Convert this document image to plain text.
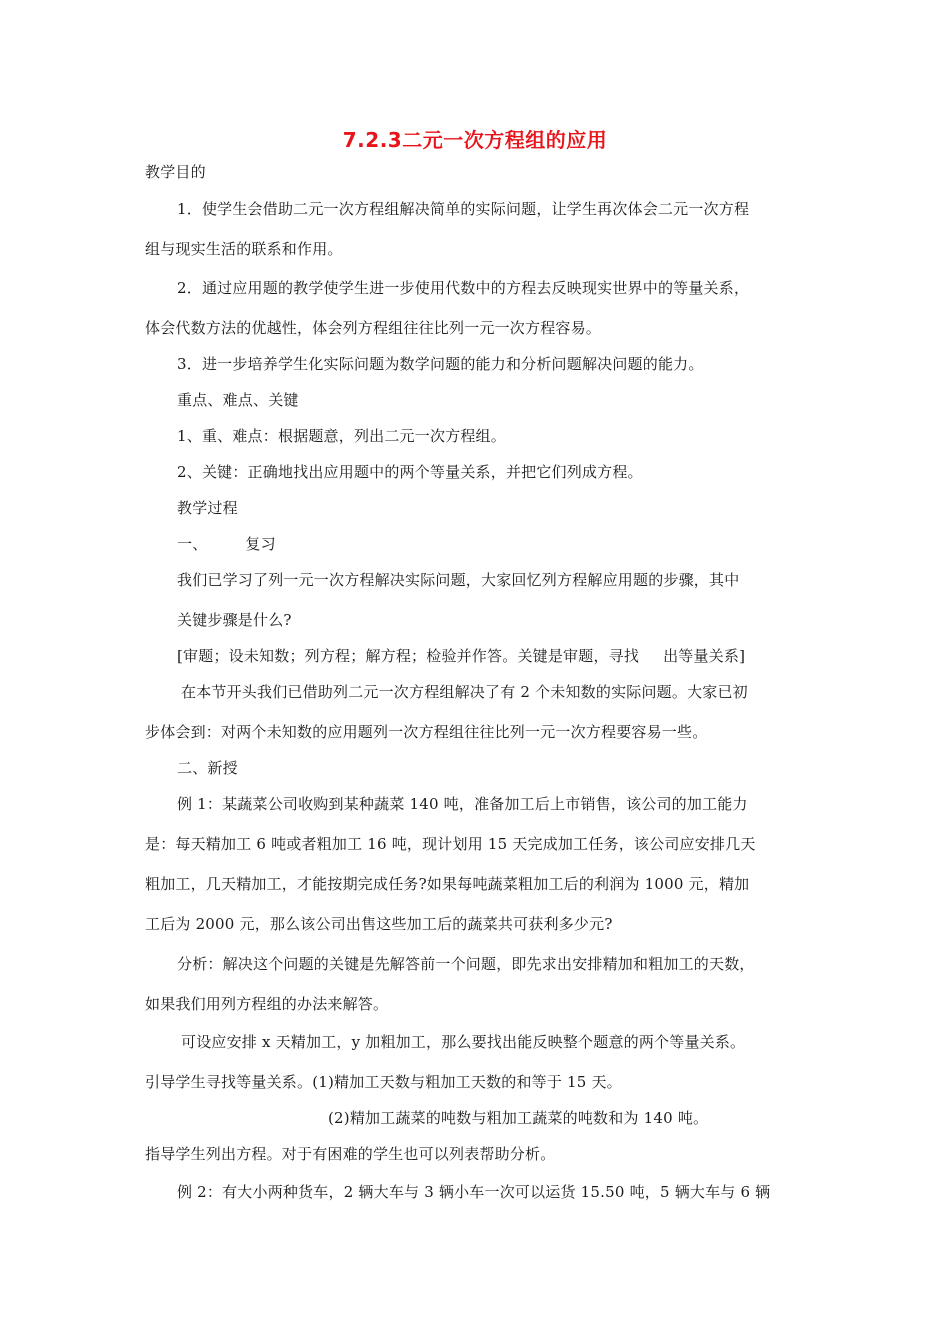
7.2.3二元一次方程组的应用
教学目的
1．使学生会借助二元一次方程组解决简单的实际问题，让学生再次体会二元一次方程
组与现实生活的联系和作用。
2．通过应用题的教学使学生进一步使用代数中的方程去反映现实世界中的等量关系，
体会代数方法的优越性，体会列方程组往往比列一元一次方程容易。
3．进一步培养学生化实际问题为数学问题的能力和分析问题解决问题的能力。
重点、难点、关键
1、重、难点：根据题意，列出二元一次方程组。
2、关键：正确地找出应用题中的两个等量关系，并把它们列成方程。
教学过程
一、	复习
我们已学习了列一元一次方程解决实际问题，大家回忆列方程解应用题的步骤，其中
关键步骤是什么?
[审题；设未知数；列方程；解方程；检验并作答。关键是审题，寻找 出等量关系]
在本节开头我们已借助列二元一次方程组解决了有 2 个未知数的实际问题。大家已初
步体会到：对两个未知数的应用题列一次方程组往往比列一元一次方程要容易一些。
二、新授
例 1：某蔬菜公司收购到某种蔬菜 140 吨，准备加工后上市销售，该公司的加工能力
是：每天精加工 6 吨或者粗加工 16 吨，现计划用 15 天完成加工任务，该公司应安排几天
粗加工，几天精加工，才能按期完成任务?如果每吨蔬菜粗加工后的利润为 1000 元，精加
工后为 2000 元，那么该公司出售这些加工后的蔬菜共可获利多少元?
分析：解决这个问题的关键是先解答前一个问题，即先求出安排精加和粗加工的天数，
如果我们用列方程组的办法来解答。
可设应安排 x 天精加工，y 加粗加工，那么要找出能反映整个题意的两个等量关系。
引导学生寻找等量关系。(1)精加工天数与粗加工天数的和等于 15 天。
(2)精加工蔬菜的吨数与粗加工蔬菜的吨数和为 140 吨。
指导学生列出方程。对于有困难的学生也可以列表帮助分析。
例 2：有大小两种货车，2 辆大车与 3 辆小车一次可以运货 15.50 吨，5 辆大车与 6 辆
